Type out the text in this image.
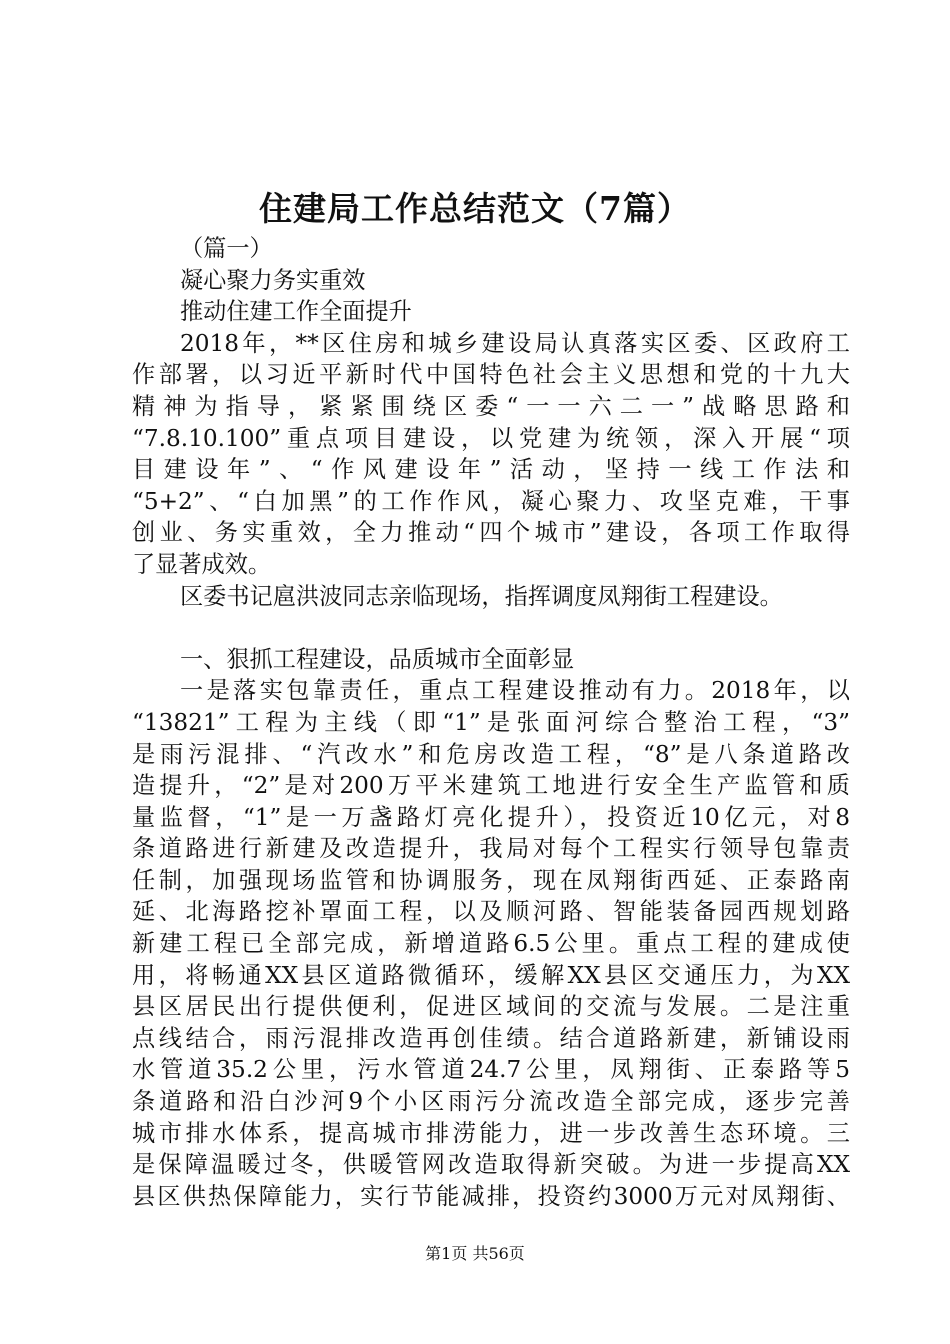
住建局工作总结范文（7篇）
（篇一）
凝心聚力务实重效
推动住建工作全面提升
2018年，**区住房和城乡建设局认真落实区委、区政府工
作部署，以习近平新时代中国特色社会主义思想和党的十九大
精神为指导，紧紧围绕区委“一一六二一”战略思路和
“7.8.10.100”重点项目建设，以党建为统领，深入开展“项
目建设年”、“作风建设年”活动，坚持一线工作法和
“5+2”、“白加黑”的工作作风，凝心聚力、攻坚克难，干事
创业、务实重效，全力推动“四个城市”建设，各项工作取得
了显著成效。
区委书记扈洪波同志亲临现场，指挥调度凤翔街工程建设。
一、狠抓工程建设，品质城市全面彰显
一是落实包靠责任，重点工程建设推动有力。2018年，以
“13821”工程为主线（即“1”是张面河综合整治工程，“3”
是雨污混排、“汽改水”和危房改造工程，“8”是八条道路改
造提升，“2”是对200万平米建筑工地进行安全生产监管和质
量监督，“1”是一万盏路灯亮化提升），投资近10亿元，对8
条道路进行新建及改造提升，我局对每个工程实行领导包靠责
任制，加强现场监管和协调服务，现在凤翔街西延、正泰路南
延、北海路挖补罩面工程，以及顺河路、智能装备园西规划路
新建工程已全部完成，新增道路6.5公里。重点工程的建成使
用，将畅通XX县区道路微循环，缓解XX县区交通压力，为XX
县区居民出行提供便利，促进区域间的交流与发展。二是注重
点线结合，雨污混排改造再创佳绩。结合道路新建，新铺设雨
水管道35.2公里，污水管道24.7公里，凤翔街、正泰路等5
条道路和沿白沙河9个小区雨污分流改造全部完成，逐步完善
城市排水体系，提高城市排涝能力，进一步改善生态环境。三
是保障温暖过冬，供暖管网改造取得新突破。为进一步提高XX
县区供热保障能力，实行节能减排，投资约3000万元对凤翔街、
第1页 共56页
